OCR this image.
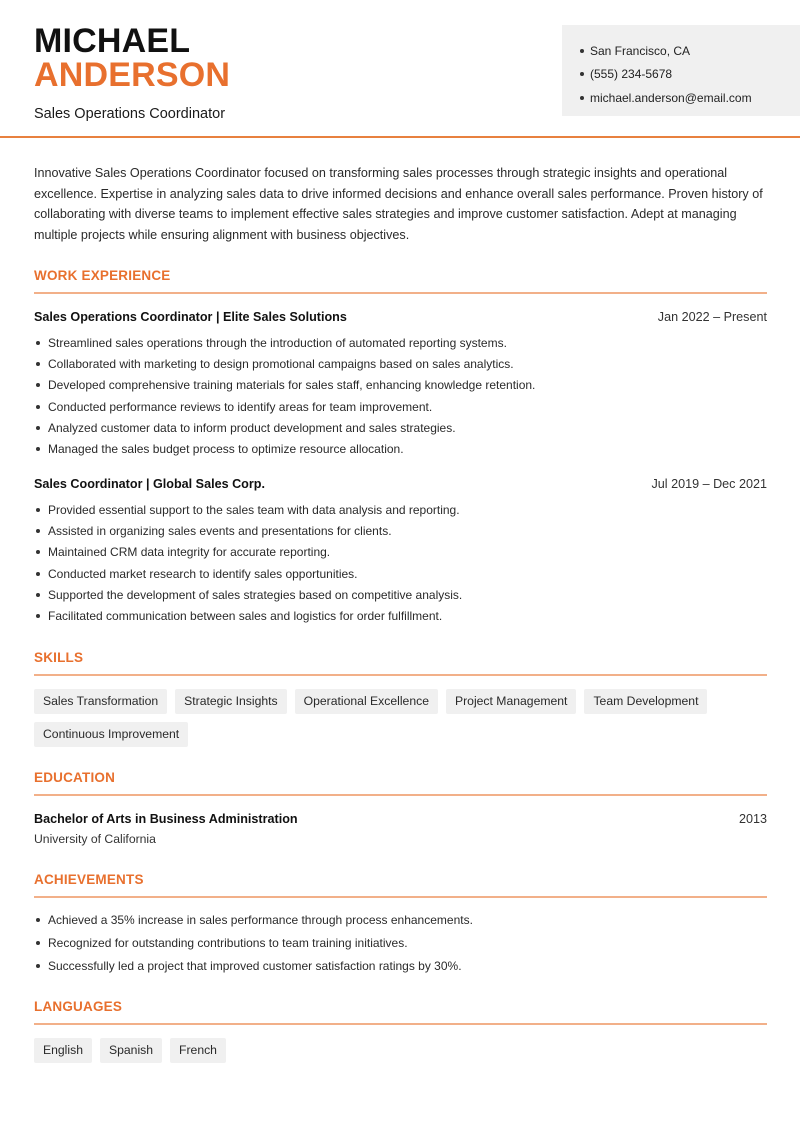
MICHAEL
ANDERSON
Sales Operations Coordinator
San Francisco, CA
(555) 234-5678
michael.anderson@email.com

Innovative Sales Operations Coordinator focused on transforming sales processes through strategic insights and operational excellence. Expertise in analyzing sales data to drive informed decisions and enhance overall sales performance. Proven history of collaborating with diverse teams to implement effective sales strategies and improve customer satisfaction. Adept at managing multiple projects while ensuring alignment with business objectives.

WORK EXPERIENCE
Sales Operations Coordinator | Elite Sales Solutions	Jan 2022 – Present
Streamlined sales operations through the introduction of automated reporting systems.
Collaborated with marketing to design promotional campaigns based on sales analytics.
Developed comprehensive training materials for sales staff, enhancing knowledge retention.
Conducted performance reviews to identify areas for team improvement.
Analyzed customer data to inform product development and sales strategies.
Managed the sales budget process to optimize resource allocation.
Sales Coordinator | Global Sales Corp.	Jul 2019 – Dec 2021
Provided essential support to the sales team with data analysis and reporting.
Assisted in organizing sales events and presentations for clients.
Maintained CRM data integrity for accurate reporting.
Conducted market research to identify sales opportunities.
Supported the development of sales strategies based on competitive analysis.
Facilitated communication between sales and logistics for order fulfillment.
SKILLS
Sales Transformation	Strategic Insights	Operational Excellence	Project Management	Team Development
Continuous Improvement
EDUCATION
Bachelor of Arts in Business Administration	2013
University of California
ACHIEVEMENTS
Achieved a 35% increase in sales performance through process enhancements.
Recognized for outstanding contributions to team training initiatives.
Successfully led a project that improved customer satisfaction ratings by 30%.
LANGUAGES
English	Spanish	French
